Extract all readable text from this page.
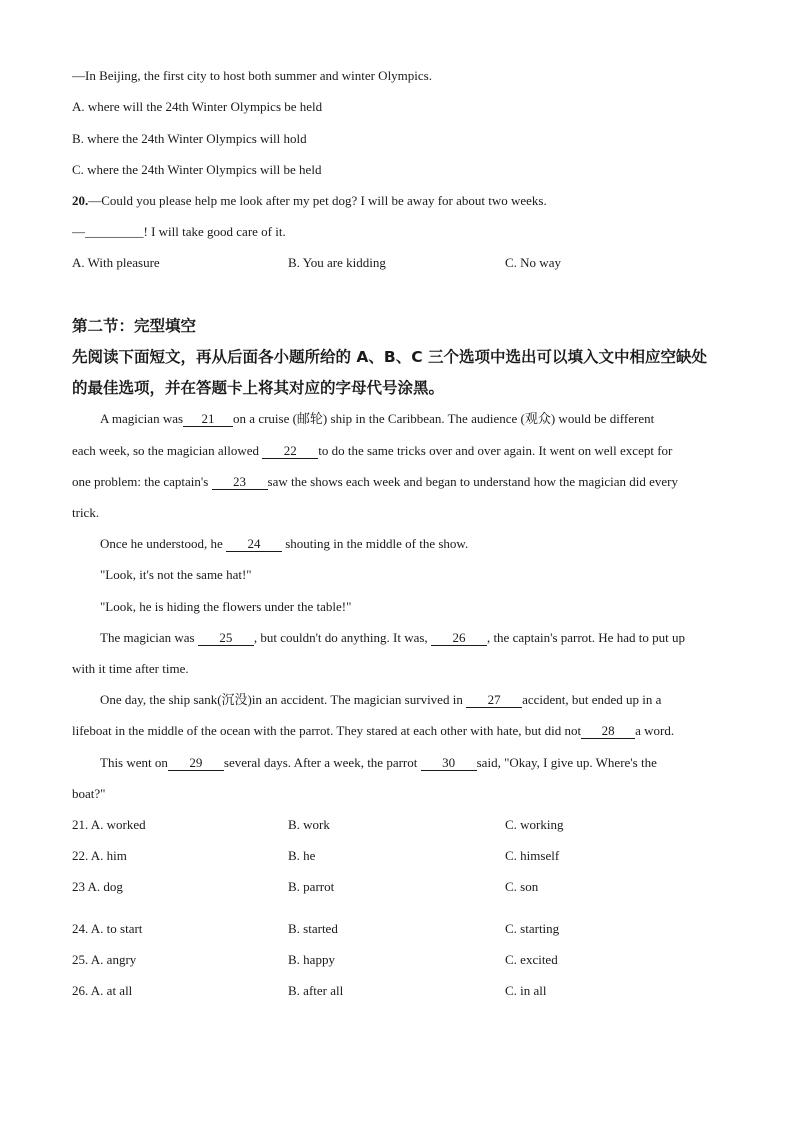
—In Beijing, the first city to host both summer and winter Olympics.
A. where will the 24th Winter Olympics be held
B. where the 24th Winter Olympics will hold
C. where the 24th Winter Olympics will be held
20.—Could you please help me look after my pet dog? I will be away for about two weeks.
—_________! I will take good care of it.
A. With pleasure	B. You are kidding	C. No way
第二节：完型填空
先阅读下面短文，再从后面各小题所给的 A、B、C 三个选项中选出可以填入文中相应空缺处
的最佳选项，并在答题卡上将其对应的字母代号涂黑。
A magician was 21 on a cruise (邮轮) ship in the Caribbean. The audience (观众) would be different
each week, so the magician allowed 22 to do the same tricks over and over again. It went on well except for
one problem: the captain's 23 saw the shows each week and began to understand how the magician did every
trick.
Once he understood, he 24 shouting in the middle of the show.
"Look, it's not the same hat!"
"Look, he is hiding the flowers under the table!"
The magician was 25 , but couldn't do anything. It was, 26 , the captain's parrot. He had to put up
with it time after time.
One day, the ship sank(沉没)in an accident. The magician survived in 27 accident, but ended up in a
lifeboat in the middle of the ocean with the parrot. They stared at each other with hate, but did not 28 a word.
This went on 29 several days. After a week, the parrot 30 said, "Okay, I give up. Where's the
boat?"
21. A. worked	B. work	C. working
22. A. him	B. he	C. himself
23 A. dog	B. parrot	C. son
24. A. to start	B. started	C. starting
25. A. angry	B. happy	C. excited
26. A. at all	B. after all	C. in all
